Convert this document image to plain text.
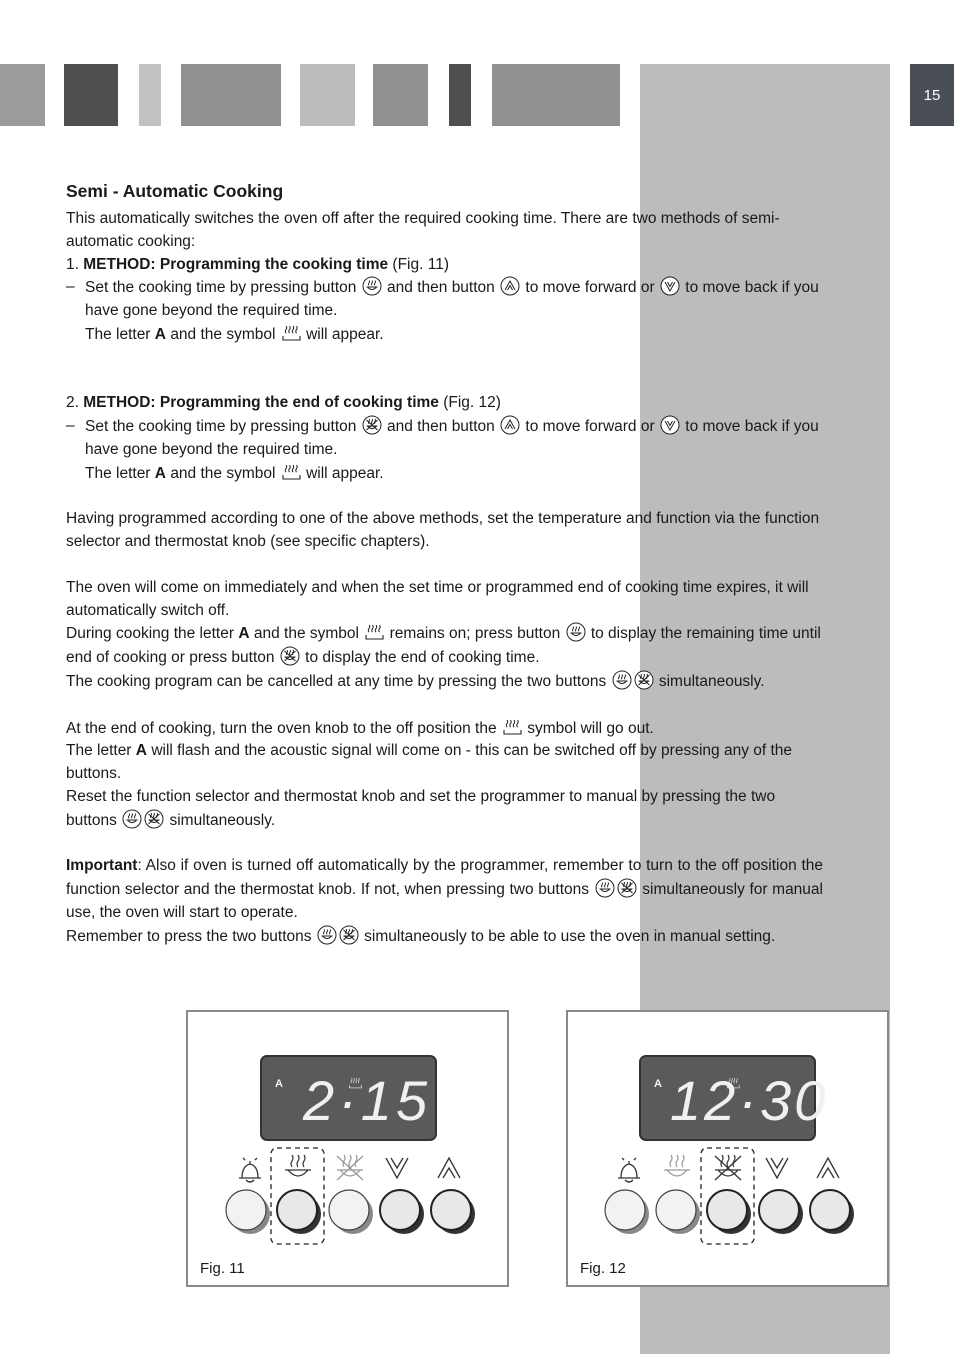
15
Semi - Automatic Cooking

This automatically switches the oven off after the required cooking time. There are two methods of semi-automatic cooking:

1. METHOD: Programming the cooking time (Fig. 11)

– Set the cooking time by pressing button and then button to move forward or to move back if you have gone beyond the required time.

The letter A and the symbol will appear.

2. METHOD: Programming the end of cooking time (Fig. 12)

– Set the cooking time by pressing button and then button to move forward or to move back if you have gone beyond the required time.

The letter A and the symbol will appear.

Having programmed according to one of the above methods, set the temperature and function via the function selector and thermostat knob (see specific chapters).

The oven will come on immediately and when the set time or programmed end of cooking time expires, it will automatically switch off.

During cooking the letter A and the symbol remains on; press button to display the remaining time until end of cooking or press button to display the end of cooking time.

The cooking program can be cancelled at any time by pressing the two buttons	simultaneously.

At the end of cooking, turn the oven knob to the off position the symbol will go out.

The letter A will flash and the acoustic signal will come on - this can be switched off by pressing any of the buttons.

Reset the function selector and thermostat knob and set the programmer to manual by pressing the two buttons	simultaneously.

Important: Also if oven is turned off automatically by the programmer, remember to turn to the off position the function selector and the thermostat knob. If not, when pressing two buttons	simultaneously for manual use, the oven will start to operate.

Remember to press the two buttons	simultaneously to be able to use the oven in manual setting.

A 2·15
Fig. 11
A 12·30
Fig. 12
